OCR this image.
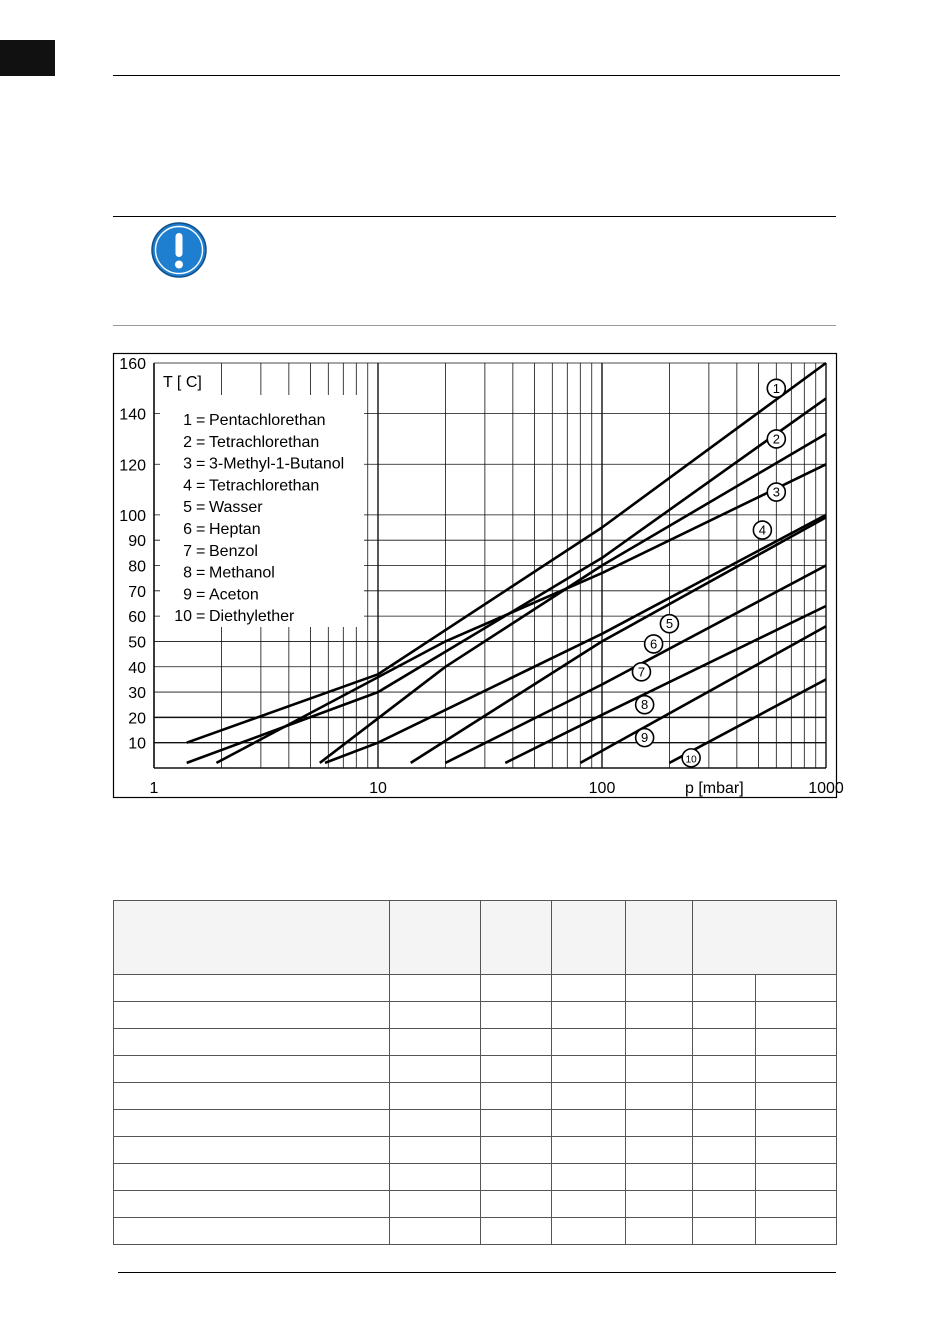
10
20
30
40
50
60
70
80
90
100
120
140
160
1	10	100	1000
1
2
3
4
5
6
7
8
9
10
T [ C]
1 = Pentachlorethan
2 = Tetrachlorethan
3 = 3-Methyl-1-Butanol
4 = Tetrachlorethan
5 = Wasser
6 = Heptan
7 = Benzol
8 = Methanol
9 = Aceton
10 = Diethylether
p [mbar]
